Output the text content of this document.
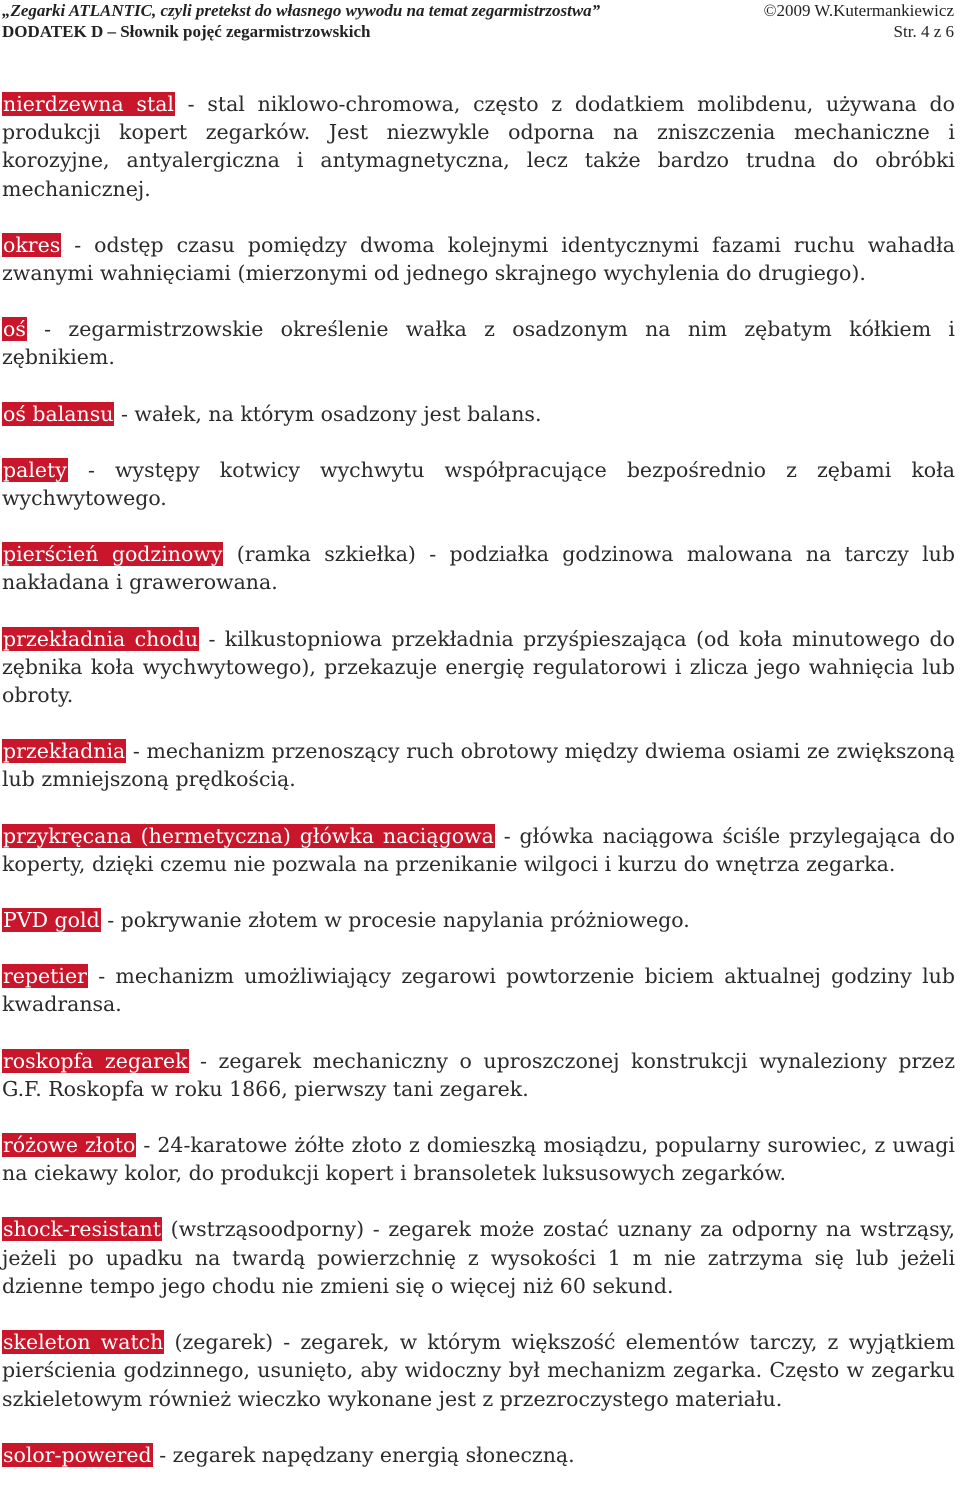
„Zegarki ATLANTIC, czyli pretekst do własnego wywodu na temat zegarmistrzostwa”	©2009 W.Kutermankiewicz
DODATEK D – Słownik pojęć zegarmistrzowskich	Str. 4 z 6

nierdzewna stal - stal niklowo-chromowa, często z dodatkiem molibdenu, używana do produkcji kopert zegarków. Jest niezwykle odporna na zniszczenia mechaniczne i korozyjne, antyalergiczna i antymagnetyczna, lecz także bardzo trudna do obróbki mechanicznej.

okres - odstęp czasu pomiędzy dwoma kolejnymi identycznymi fazami ruchu wahadła zwanymi wahnięciami (mierzonymi od jednego skrajnego wychylenia do drugiego).

oś - zegarmistrzowskie określenie wałka z osadzonym na nim zębatym kółkiem i zębnikiem.

oś balansu - wałek, na którym osadzony jest balans.

palety - występy kotwicy wychwytu współpracujące bezpośrednio z zębami koła wychwytowego.

pierścień godzinowy (ramka szkiełka) - podziałka godzinowa malowana na tarczy lub nakładana i grawerowana.

przekładnia chodu - kilkustopniowa przekładnia przyśpieszająca (od koła minutowego do zębnika koła wychwytowego), przekazuje energię regulatorowi i zlicza jego wahnięcia lub obroty.

przekładnia - mechanizm przenoszący ruch obrotowy między dwiema osiami ze zwiększoną lub zmniejszoną prędkością.

przykręcana (hermetyczna) główka naciągowa - główka naciągowa ściśle przylegająca do koperty, dzięki czemu nie pozwala na przenikanie wilgoci i kurzu do wnętrza zegarka.

PVD gold - pokrywanie złotem w procesie napylania próżniowego.

repetier - mechanizm umożliwiający zegarowi powtorzenie biciem aktualnej godziny lub kwadransa.

roskopfa zegarek - zegarek mechaniczny o uproszczonej konstrukcji wynaleziony przez G.F. Roskopfa w roku 1866, pierwszy tani zegarek.

różowe złoto - 24-karatowe żółte złoto z domieszką mosiądzu, popularny surowiec, z uwagi na ciekawy kolor, do produkcji kopert i bransoletek luksusowych zegarków.

shock-resistant (wstrząsoodporny) - zegarek może zostać uznany za odporny na wstrząsy, jeżeli po upadku na twardą powierzchnię z wysokości 1 m nie zatrzyma się lub jeżeli dzienne tempo jego chodu nie zmieni się o więcej niż 60 sekund.

skeleton watch (zegarek) - zegarek, w którym większość elementów tarczy, z wyjątkiem pierścienia godzinnego, usunięto, aby widoczny był mechanizm zegarka. Często w zegarku szkieletowym również wieczko wykonane jest z przezroczystego materiału.

solor-powered - zegarek napędzany energią słoneczną.
